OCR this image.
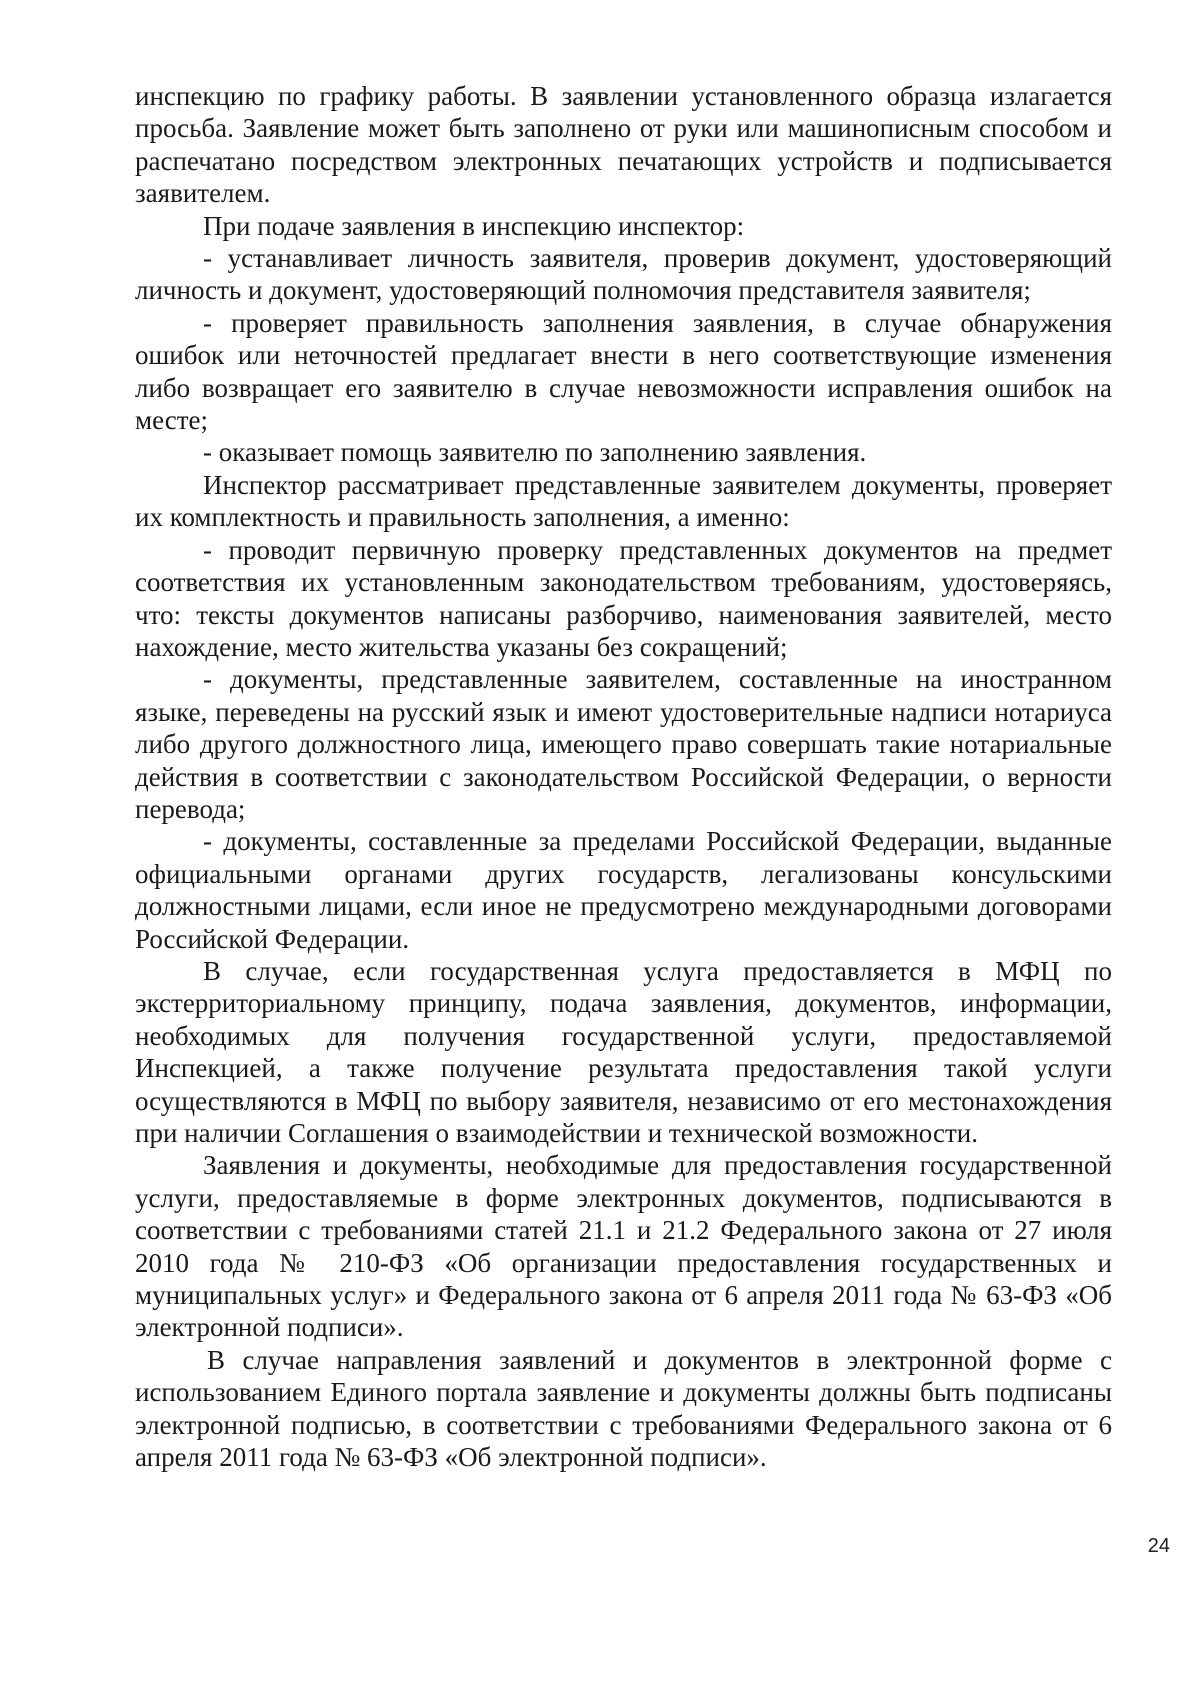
инспекцию по графику работы. В заявлении установленного образца излагается просьба. Заявление может быть заполнено от руки или машинописным способом и распечатано посредством электронных печатающих устройств и подписывается заявителем.

При подаче заявления в инспекцию инспектор:

- устанавливает личность заявителя, проверив документ, удостоверяющий личность и документ, удостоверяющий полномочия представителя заявителя;

- проверяет правильность заполнения заявления, в случае обнаружения ошибок или неточностей предлагает внести в него соответствующие изменения либо возвращает его заявителю в случае невозможности исправления ошибок на месте;

- оказывает помощь заявителю по заполнению заявления.

Инспектор рассматривает представленные заявителем документы, проверяет их комплектность и правильность заполнения, а именно:

- проводит первичную проверку представленных документов на предмет соответствия их установленным законодательством требованиям, удостоверяясь, что: тексты документов написаны разборчиво, наименования заявителей, место нахождение, место жительства указаны без сокращений;

- документы, представленные заявителем, составленные на иностранном языке, переведены на русский язык и имеют удостоверительные надписи нотариуса либо другого должностного лица, имеющего право совершать такие нотариальные действия в соответствии с законодательством Российской Федерации, о верности перевода;

- документы, составленные за пределами Российской Федерации, выданные официальными органами других государств, легализованы консульскими должностными лицами, если иное не предусмотрено международными договорами Российской Федерации.

В случае, если государственная услуга предоставляется в МФЦ по экстерриториальному принципу, подача заявления, документов, информации, необходимых для получения государственной услуги, предоставляемой Инспекцией, а также получение результата предоставления такой услуги осуществляются в МФЦ по выбору заявителя, независимо от его местонахождения при наличии Соглашения о взаимодействии и технической возможности.

Заявления и документы, необходимые для предоставления государственной услуги, предоставляемые в форме электронных документов, подписываются в соответствии с требованиями статей 21.1 и 21.2 Федерального закона от 27 июля 2010 года № 210-ФЗ «Об организации предоставления государственных и муниципальных услуг» и Федерального закона от 6 апреля 2011 года № 63-ФЗ «Об электронной подписи».

В случае направления заявлений и документов в электронной форме с использованием Единого портала заявление и документы должны быть подписаны электронной подписью, в соответствии с требованиями Федерального закона от 6 апреля 2011 года № 63-ФЗ «Об электронной подписи».

24
